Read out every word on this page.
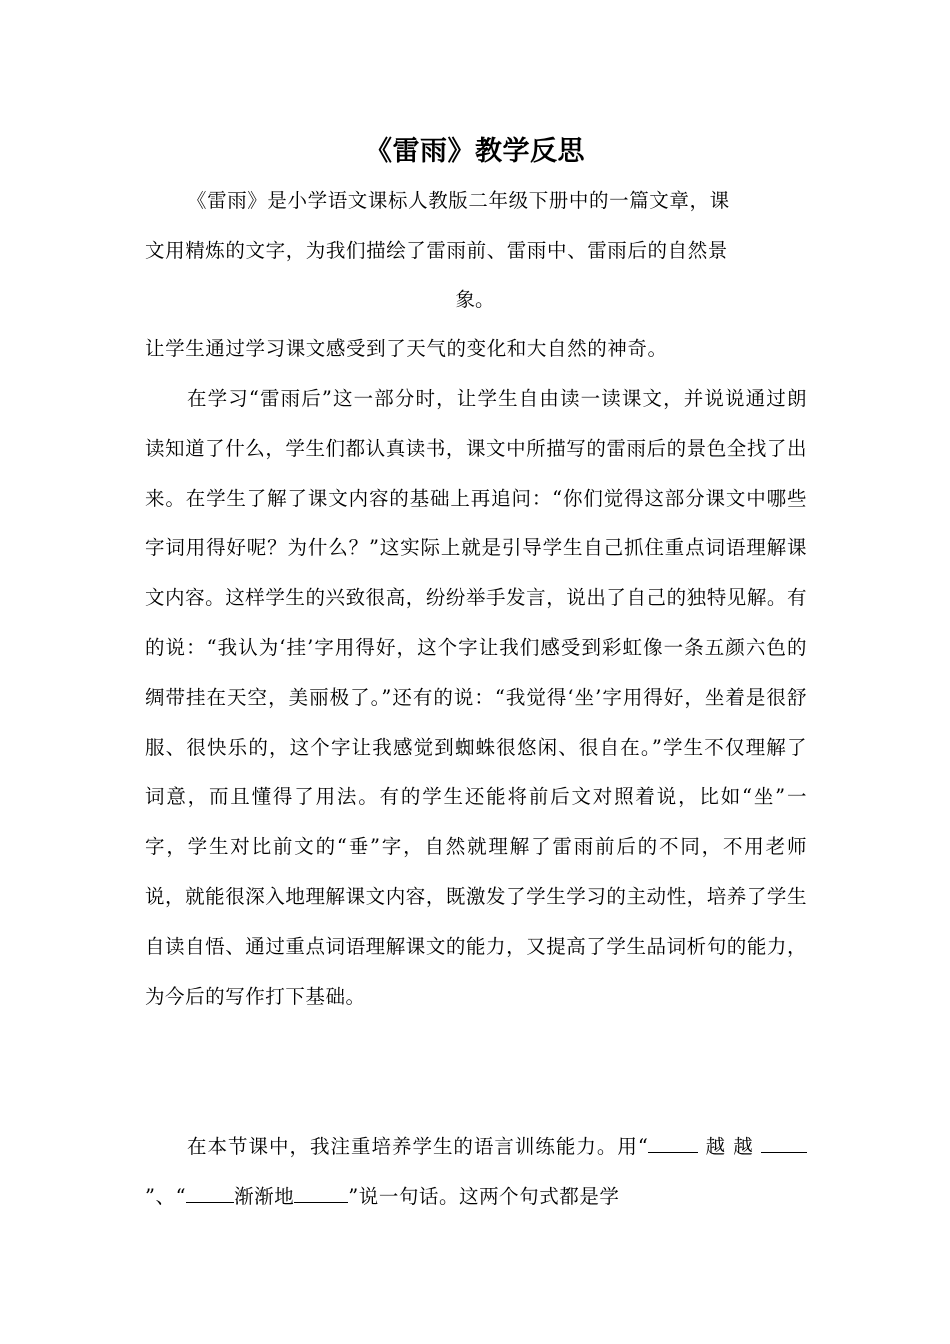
《雷雨》教学反思

《雷雨》是小学语文课标人教版二年级下册中的一篇文章，课
文用精炼的文字，为我们描绘了雷雨前、雷雨中、雷雨后的自然景
象。

让学生通过学习课文感受到了天气的变化和大自然的神奇。

在学习“雷雨后”这一部分时，让学生自由读一读课文，并说说通过朗读知道了什么，学生们都认真读书，课文中所描写的雷雨后的景色全找了出来。在学生了解了课文内容的基础上再追问：“你们觉得这部分课文中哪些字词用得好呢？为什么？”这实际上就是引导学生自己抓住重点词语理解课文内容。这样学生的兴致很高，纷纷举手发言，说出了自己的独特见解。有的说：“我认为‘挂’字用得好，这个字让我们感受到彩虹像一条五颜六色的绸带挂在天空，美丽极了。”还有的说：“我觉得‘坐’字用得好，坐着是很舒服、很快乐的，这个字让我感觉到蜘蛛很悠闲、很自在。”学生不仅理解了词意，而且懂得了用法。有的学生还能将前后文对照着说，比如“坐”一字，学生对比前文的“垂”字，自然就理解了雷雨前后的不同，不用老师说，就能很深入地理解课文内容，既激发了学生学习的主动性，培养了学生自读自悟、通过重点词语理解课文的能力，又提高了学生品词析句的能力，为今后的写作打下基础。

在本节课中，我注重培养学生的语言训练能力。用“	越 越  ”、“ 渐渐地	”说一句话。这两个句式都是学
